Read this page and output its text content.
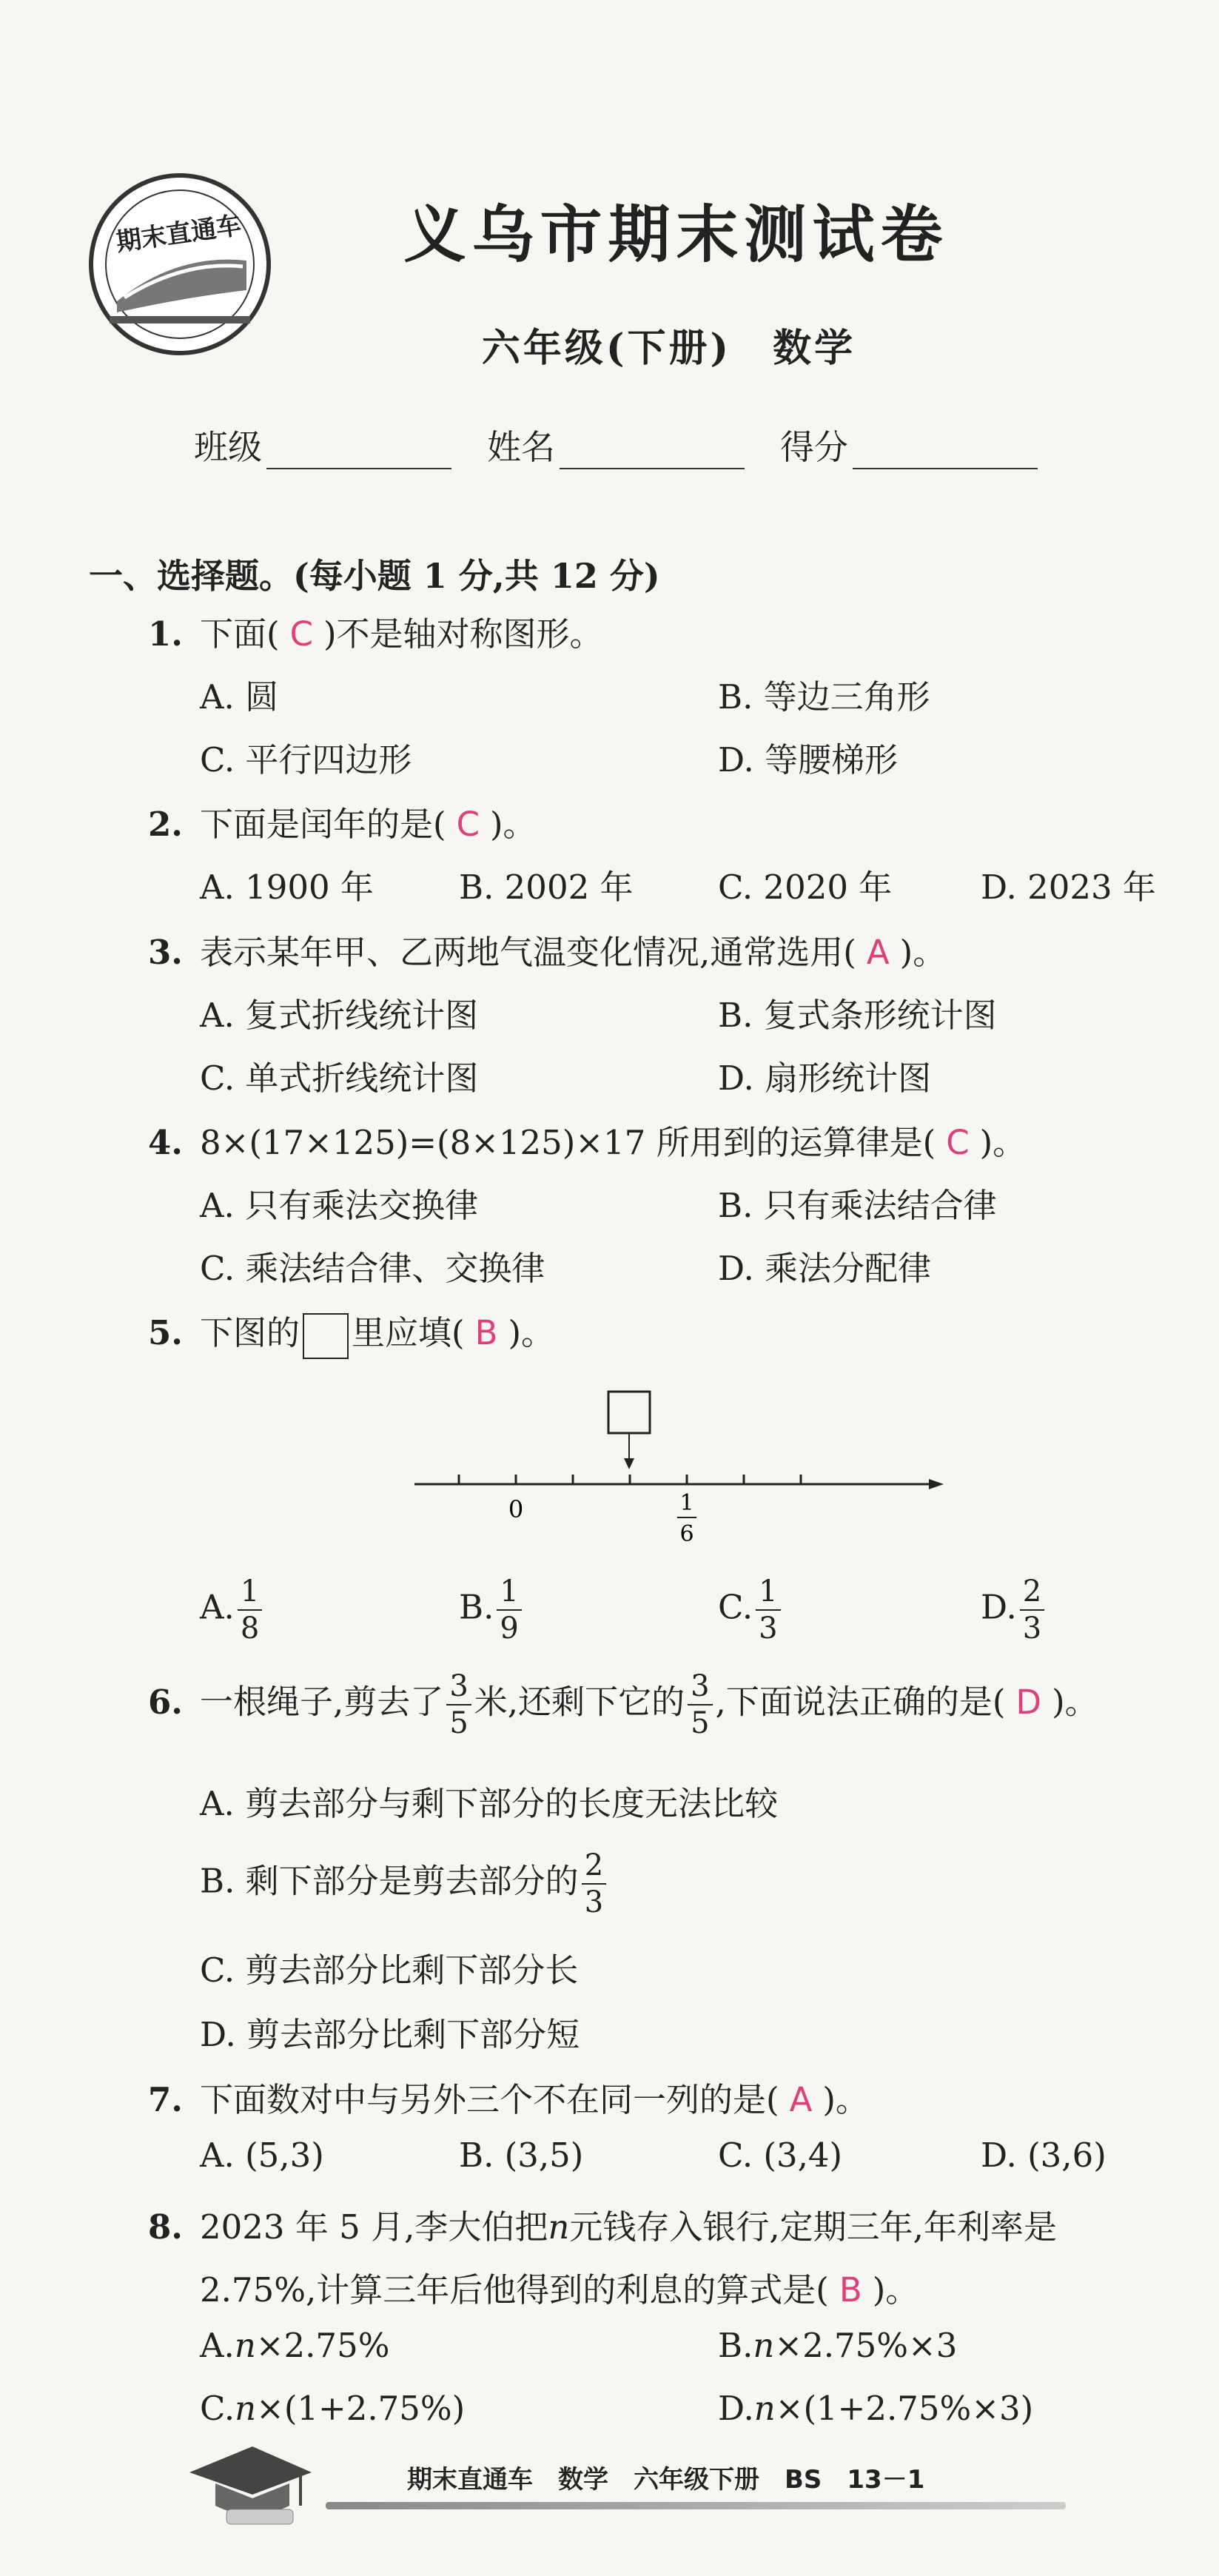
期末直通车	义乌市期末测试卷
六年级(下册)　数学
班级	姓名	得分
一、选择题。(每小题 1 分,共 12 分)
1. 下面( C )不是轴对称图形。
A. 圆	B. 等边三角形
C. 平行四边形	D. 等腰梯形
2. 下面是闰年的是( C )。
A. 1900 年	B. 2002 年	C. 2020 年	D. 2023 年
3. 表示某年甲、乙两地气温变化情况,通常选用( A )。
A. 复式折线统计图	B. 复式条形统计图
C. 单式折线统计图	D. 扇形统计图
4. 8×(17×125)=(8×125)×17 所用到的运算律是( C )。
A. 只有乘法交换律	B. 只有乘法结合律
C. 乘法结合律、交换律	D. 乘法分配律
5. 下图的 里应填( B )。
0	1
6
A. $\frac{1}{8}$	B. $\frac{1}{9}$	C. $\frac{1}{3}$	D. $\frac{2}{3}$
6. 一根绳子,剪去了 $\frac{3}{5}$ 米,还剩下它的 $\frac{3}{5}$ ,下面说法正确的是( D )。
A. 剪去部分与剩下部分的长度无法比较
B. 剩下部分是剪去部分的 $\frac{2}{3}$
C. 剪去部分比剩下部分长
D. 剪去部分比剩下部分短
7. 下面数对中与另外三个不在同一列的是( A )。
A. (5,3)	B. (3,5)	C. (3,4)	D. (3,6)
8. 2023 年 5 月,李大伯把n元钱存入银行,定期三年,年利率是
2.75%,计算三年后他得到的利息的算式是( B )。
A.n×2.75%	B.n×2.75%×3
C.n×(1+2.75%)	D.n×(1+2.75%×3)
期末直通车　数学　六年级下册　BS　13－1
